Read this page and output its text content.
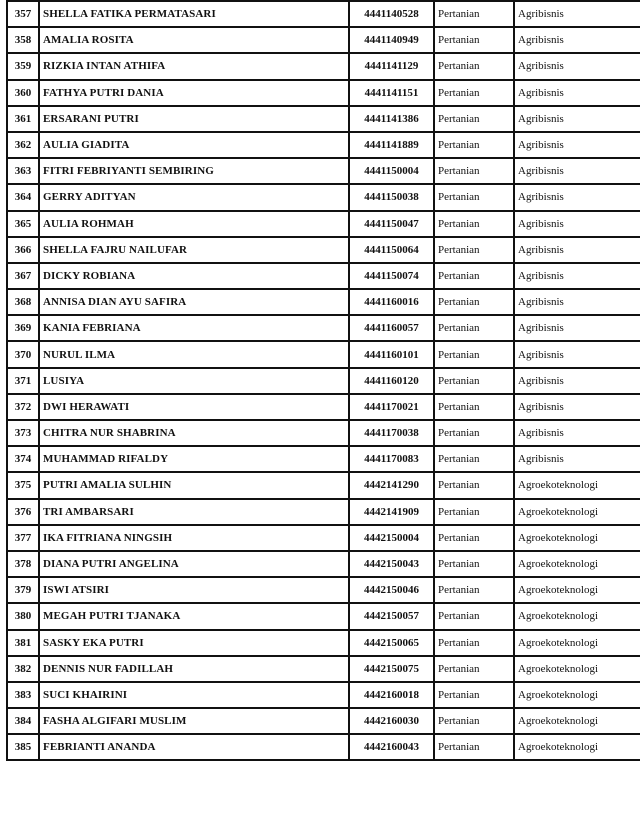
357	SHELLA FATIKA PERMATASARI	4441140528	Pertanian	Agribisnis
358	AMALIA ROSITA	4441140949	Pertanian	Agribisnis
359	RIZKIA INTAN ATHIFA	4441141129	Pertanian	Agribisnis
360	FATHYA PUTRI DANIA	4441141151	Pertanian	Agribisnis
361	ERSARANI PUTRI	4441141386	Pertanian	Agribisnis
362	AULIA GIADITA	4441141889	Pertanian	Agribisnis
363	FITRI FEBRIYANTI SEMBIRING	4441150004	Pertanian	Agribisnis
364	GERRY ADITYAN	4441150038	Pertanian	Agribisnis
365	AULIA ROHMAH	4441150047	Pertanian	Agribisnis
366	SHELLA FAJRU NAILUFAR	4441150064	Pertanian	Agribisnis
367	DICKY ROBIANA	4441150074	Pertanian	Agribisnis
368	ANNISA DIAN AYU SAFIRA	4441160016	Pertanian	Agribisnis
369	KANIA FEBRIANA	4441160057	Pertanian	Agribisnis
370	NURUL ILMA	4441160101	Pertanian	Agribisnis
371	LUSIYA	4441160120	Pertanian	Agribisnis
372	DWI HERAWATI	4441170021	Pertanian	Agribisnis
373	CHITRA NUR SHABRINA	4441170038	Pertanian	Agribisnis
374	MUHAMMAD RIFALDY	4441170083	Pertanian	Agribisnis
375	PUTRI AMALIA SULHIN	4442141290	Pertanian	Agroekoteknologi
376	TRI AMBARSARI	4442141909	Pertanian	Agroekoteknologi
377	IKA FITRIANA NINGSIH	4442150004	Pertanian	Agroekoteknologi
378	DIANA PUTRI ANGELINA	4442150043	Pertanian	Agroekoteknologi
379	ISWI ATSIRI	4442150046	Pertanian	Agroekoteknologi
380	MEGAH PUTRI TJANAKA	4442150057	Pertanian	Agroekoteknologi
381	SASKY EKA PUTRI	4442150065	Pertanian	Agroekoteknologi
382	DENNIS NUR FADILLAH	4442150075	Pertanian	Agroekoteknologi
383	SUCI KHAIRINI	4442160018	Pertanian	Agroekoteknologi
384	FASHA ALGIFARI MUSLIM	4442160030	Pertanian	Agroekoteknologi
385	FEBRIANTI ANANDA	4442160043	Pertanian	Agroekoteknologi
